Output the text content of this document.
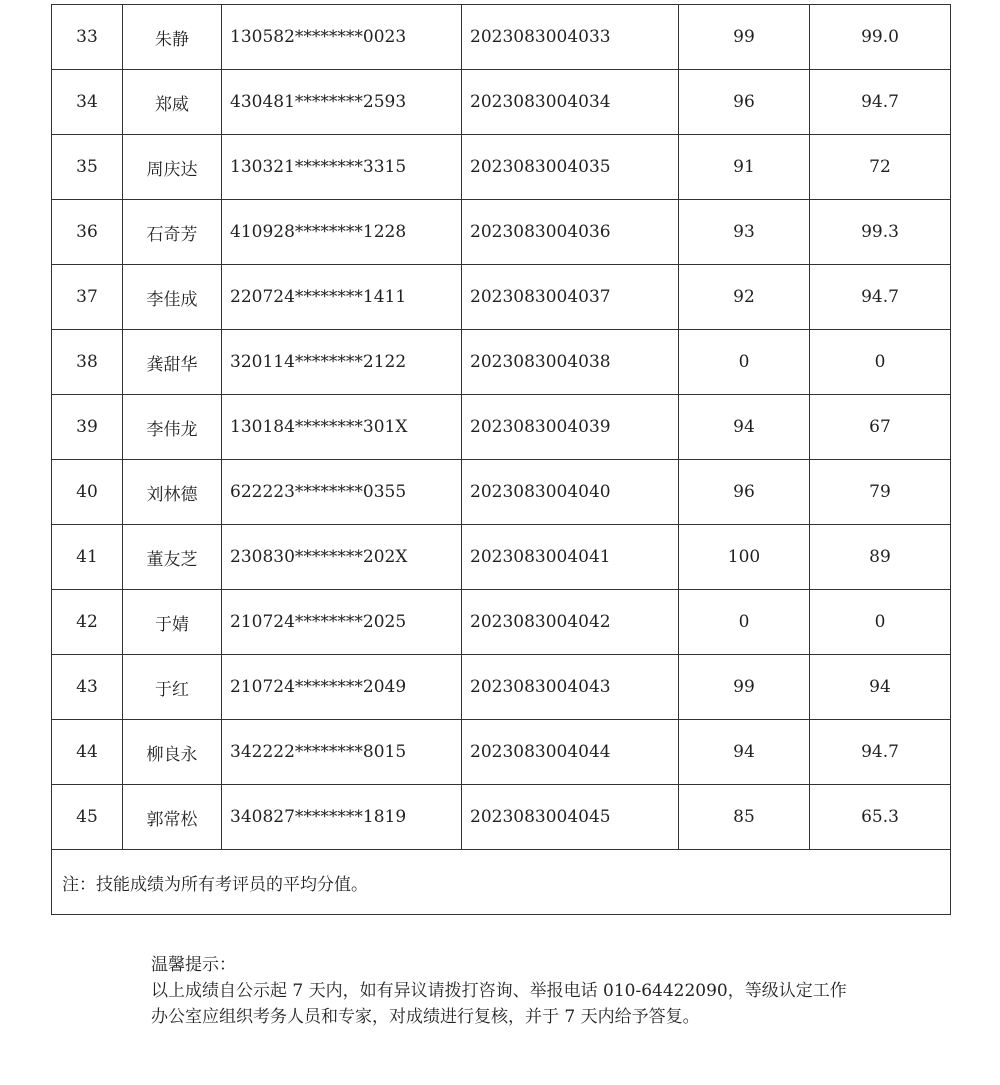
33	朱静	130582********0023	2023083004033	99	99.0
34	郑威	430481********2593	2023083004034	96	94.7
35	周庆达	130321********3315	2023083004035	91	72
36	石奇芳	410928********1228	2023083004036	93	99.3
37	李佳成	220724********1411	2023083004037	92	94.7
38	龚甜华	320114********2122	2023083004038	0	0
39	李伟龙	130184********301X	2023083004039	94	67
40	刘林德	622223********0355	2023083004040	96	79
41	董友芝	230830********202X	2023083004041	100	89
42	于婧	210724********2025	2023083004042	0	0
43	于红	210724********2049	2023083004043	99	94
44	柳良永	342222********8015	2023083004044	94	94.7
45	郭常松	340827********1819	2023083004045	85	65.3
注：技能成绩为所有考评员的平均分值。					

温馨提示：

以上成绩自公示起 7 天内，如有异议请拨打咨询、举报电话 010-64422090，等级认定工作办公室应组织考务人员和专家，对成绩进行复核，并于 7 天内给予答复。
